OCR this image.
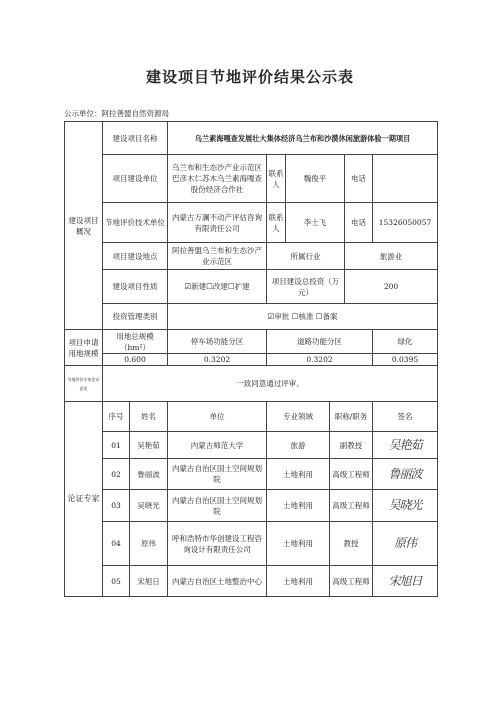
建设项目节地评价结果公示表
公示单位：阿拉善盟自然资源局
建设项目概况	建设项目名称		乌兰素海嘎查发展壮大集体经济乌兰布和沙漠休闲旅游体验一期项目					
	项目建设单位		乌兰布和生态沙产业示范区巴彦木仁苏木乌兰素海嘎查股份经济合作社	联系人	魏俊平		电话	
	节地评价技术单位		内蒙古万澜不动产评估咨询有限责任公司	联系人	李士飞		电话	15326050057
	项目建设地点		阿拉善盟乌兰布和生态沙产业示范区	所属行业			旅游业	
	建设项目性质		☑新建☐改建☐扩建	项目建设总投资（万元）			200	
	投资管理类别		☑审批 ☐核准 ☐备案					

项目申请用地规模	用地总规模（hm²）		停车场功能分区	道路功能分区				绿化
	0.600		0.3202	0.3202				0.0395
节地评价专家论证意见	一致同意通过评审。							
论证专家	序号	姓名	单位	专业领域		职称/职务		签名
	01	吴艳茹	内蒙古师范大学	旅游		副教授		吴艳茹
	02	鲁丽波	内蒙古自治区国土空间规划院	土地利用		高级工程师		鲁丽波
	03	吴晓光	内蒙古自治区国土空间规划院	土地利用		高级工程师		吴晓光
	04	原伟	呼和浩特市华创建设工程咨询设计有限责任公司	土地利用		教授		原伟
	05	宋旭日	内蒙古自治区土地整治中心	土地利用		高级工程师		宋旭日
